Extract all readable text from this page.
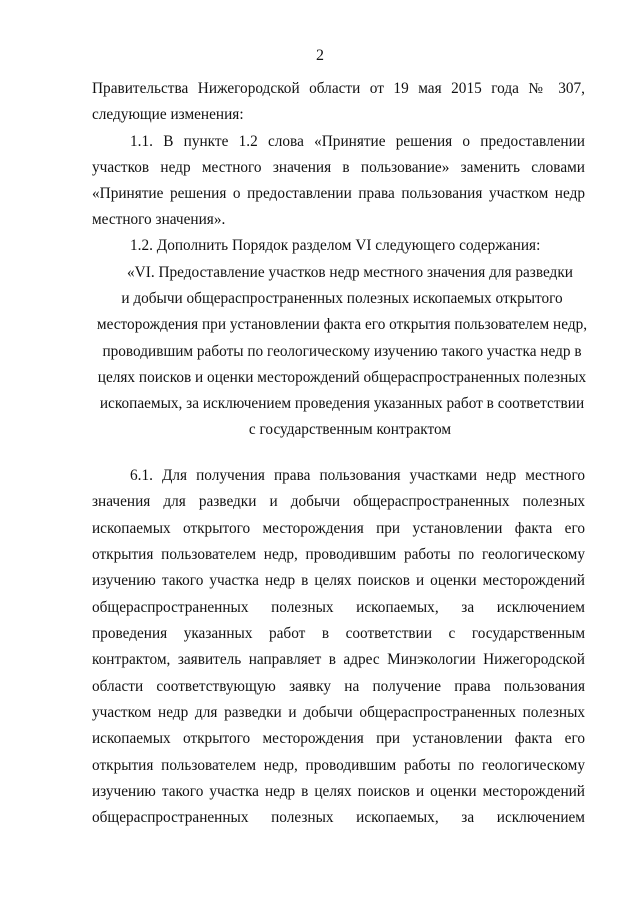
2
Правительства Нижегородской области от 19 мая 2015 года № 307,
следующие изменения:
1.1. В пункте 1.2 слова «Принятие решения о предоставлении
участков недр местного значения в пользование» заменить словами
«Принятие решения о предоставлении права пользования участком недр
местного значения».
1.2. Дополнить Порядок разделом VI следующего содержания:
«VI. Предоставление участков недр местного значения для разведки
и добычи общераспространенных полезных ископаемых открытого
месторождения при установлении факта его открытия пользователем недр,
проводившим работы по геологическому изучению такого участка недр в
целях поисков и оценки месторождений общераспространенных полезных
ископаемых, за исключением проведения указанных работ в соответствии
с государственным контрактом
6.1. Для получения права пользования участками недр местного
значения для разведки и добычи общераспространенных полезных
ископаемых открытого месторождения при установлении факта его
открытия пользователем недр, проводившим работы по геологическому
изучению такого участка недр в целях поисков и оценки месторождений
общераспространенных полезных ископаемых, за исключением
проведения указанных работ в соответствии с государственным
контрактом, заявитель направляет в адрес Минэкологии Нижегородской
области соответствующую заявку на получение права пользования
участком недр для разведки и добычи общераспространенных полезных
ископаемых открытого месторождения при установлении факта его
открытия пользователем недр, проводившим работы по геологическому
изучению такого участка недр в целях поисков и оценки месторождений
общераспространенных полезных ископаемых, за исключением
